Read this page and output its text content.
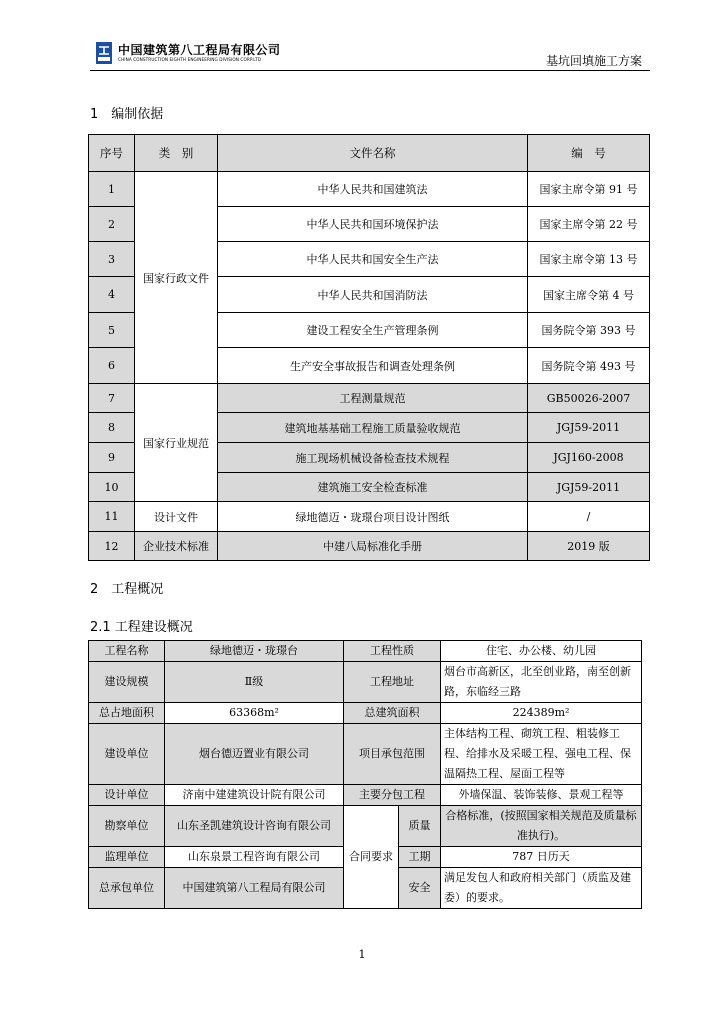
中国建筑第八工程局有限公司
CHINA CONSTRUCTION EIGHTH ENGINEERING DIVISION CORP.LTD	基坑回填施工方案
1　编制依据
序号	类　别	文件名称	编　号
1	国家行政文件	中华人民共和国建筑法	国家主席令第 91 号
2		中华人民共和国环境保护法	国家主席令第 22 号
3		中华人民共和国安全生产法	国家主席令第 13 号
4		中华人民共和国消防法	国家主席令第 4 号
5		建设工程安全生产管理条例	国务院令第 393 号
6		生产安全事故报告和调查处理条例	国务院令第 493 号
7	国家行业规范	工程测量规范	GB50026-2007
8		建筑地基基础工程施工质量验收规范	JGJ59-2011
9		施工现场机械设备检查技术规程	JGJ160-2008
10		建筑施工安全检查标准	JGJ59-2011
11	设计文件	绿地德迈・珑璟台项目设计图纸	/
12	企业技术标准	中建八局标准化手册	2019 版
2　工程概况
2.1 工程建设概况
工程名称	绿地德迈・珑璟台	工程性质		住宅、办公楼、幼儿园
建设规模	Ⅱ级	工程地址		烟台市高新区，北至创业路，南至创新路，东临经三路
总占地面积	63368m²	总建筑面积		224389m²
建设单位	烟台德迈置业有限公司	项目承包范围		主体结构工程、砌筑工程、粗装修工程、给排水及采暖工程、强电工程、保温隔热工程、屋面工程等
设计单位	济南中建建筑设计院有限公司	主要分包工程		外墙保温、装饰装修、景观工程等
勘察单位	山东圣凯建筑设计咨询有限公司	合同要求	质量	合格标准，(按照国家相关规范及质量标准执行)。
监理单位	山东泉景工程咨询有限公司		工期	787 日历天
总承包单位	中国建筑第八工程局有限公司		安全	满足发包人和政府相关部门（质监及建委）的要求。
1
